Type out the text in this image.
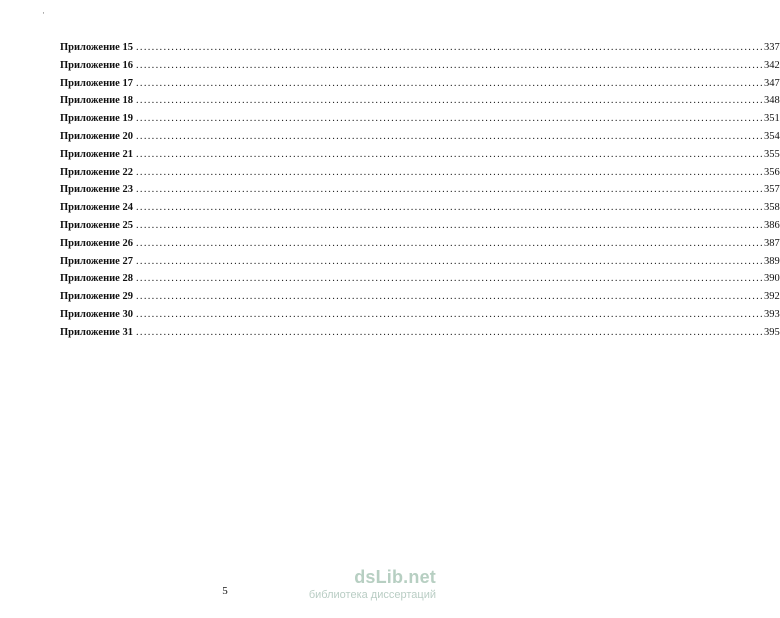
·
Приложение 15 ................................................................................................................................................................ 337
Приложение 16 ................................................................................................................................................................ 342
Приложение 17 ................................................................................................................................................................ 347
Приложение 18 ................................................................................................................................................................ 348
Приложение 19 ................................................................................................................................................................ 351
Приложение 20 ................................................................................................................................................................ 354
Приложение 21 ................................................................................................................................................................ 355
Приложение 22 ................................................................................................................................................................ 356
Приложение 23 ................................................................................................................................................................ 357
Приложение 24 ................................................................................................................................................................ 358
Приложение 25 ................................................................................................................................................................ 386
Приложение 26 ................................................................................................................................................................ 387
Приложение 27 ................................................................................................................................................................ 389
Приложение 28 ................................................................................................................................................................ 390
Приложение 29 ................................................................................................................................................................ 392
Приложение 30 ................................................................................................................................................................ 393
Приложение 31 ................................................................................................................................................................ 395
5
dsLib.net
библиотека диссертаций
